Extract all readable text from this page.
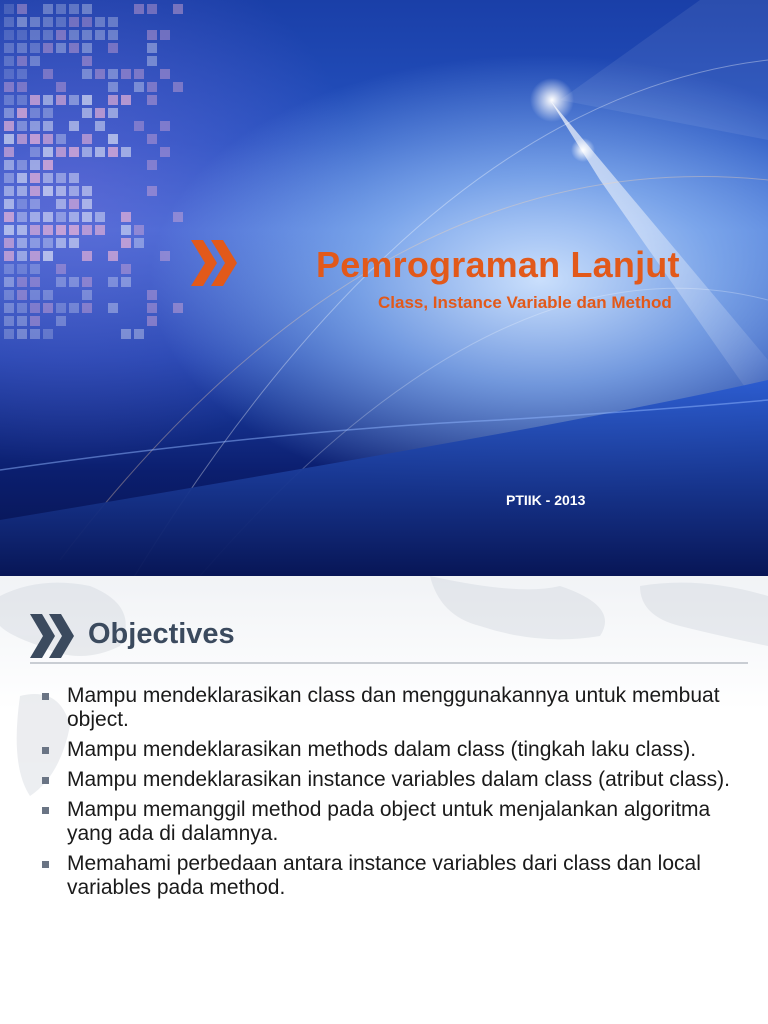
Pemrograman Lanjut
Class, Instance Variable dan Method
PTIIK - 2013
Objectives
Mampu mendeklarasikan class dan menggunakannya untuk membuat object.
Mampu mendeklarasikan methods dalam class (tingkah laku class).
Mampu mendeklarasikan instance variables dalam class (atribut class).
Mampu memanggil method pada object untuk menjalankan algoritma yang ada di dalamnya.
Memahami perbedaan antara instance variables dari class dan local variables pada method.
